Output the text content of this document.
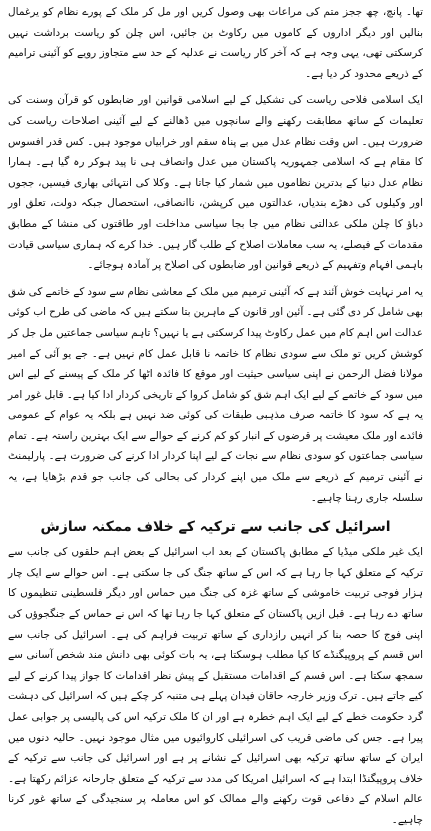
تھا۔ پانچ، چھ ججز متم کی مراعات بھی وصول کریں اور مل کر ملک کے پورے نظام کو یرغمال بنالیں اور دیگر اداروں کے کاموں میں رکاوٹ بن جائیں، اس چلن کو ریاست برداشت نہیں کرسکتی تھی، یہی وجہ ہے کہ آخر کار ریاست نے عدلیہ کے حد سے متجاوز رویے کو آئینی ترامیم کے ذریعے محدود کر دیا ہے۔

ایک اسلامی فلاحی ریاست کی تشکیل کے لیے اسلامی قوانین اور ضابطوں کو قرآن وسنت کی تعلیمات کے ساتھ مطابقت رکھنے والے سانچوں میں ڈھالنے کے لیے آئینی اصلاحات ریاست کی ضرورت ہیں۔ اس وقت نظام عدل میں بے پناہ سقم اور خرابیاں موجود ہیں۔ کس قدر افسوس کا مقام ہے کہ اسلامی جمہوریہ پاکستان میں عدل وانصاف ہی نا پید ہوکر رہ گیا ہے۔ ہمارا نظام عدل دنیا کے بدترین نظاموں میں شمار کیا جاتا ہے۔ وکلا کی انتہائی بھاری فیسیں، ججوں اور وکیلوں کی دھڑے بندیاں، عدالتوں میں کرپشن، ناانصافی، استحصال جبکہ دولت، تعلق اور دباؤ کا چلن ملکی عدالتی نظام میں جا بجا سیاسی مداخلت اور طاقتوں کی منشا کے مطابق مقدمات کے فیصلے، یہ سب معاملات اصلاح کے طلب گار ہیں۔ خدا کرے کہ ہماری سیاسی قیادت باہمی افہام وتفہیم کے ذریعے قوانین اور ضابطوں کی اصلاح پر آمادہ ہوجائے۔

یہ امر نہایت خوش آئند ہے کہ آئینی ترمیم میں ملک کے معاشی نظام سے سود کے خاتمے کی شق بھی شامل کر دی گئی ہے۔ آئین اور قانون کے ماہرین بتا سکتے ہیں کہ ماضی کی طرح اب کوئی عدالت اس اہم کام میں عمل رکاوٹ پیدا کرسکتی ہے یا نہیں؟ تاہم سیاسی جماعتیں مل جل کر کوشش کریں تو ملک سے سودی نظام کا خاتمہ نا قابل عمل کام نہیں ہے۔ جے یو آئی کے امیر مولانا فضل الرحمن نے اپنی سیاسی حیثیت اور موقع کا فائدہ اٹھا کر ملک کے پیسنے کے لیے اس میں سود کے خاتمے کے لیے ایک اہم شق کو شامل کروا کے تاریخی کردار ادا کیا ہے۔ قابل غور امر یہ ہے کہ سود کا خاتمہ صرف مذہبی طبقات کی کوئی ضد نہیں ہے بلکہ یہ عوام کے عمومی فائدے اور ملک معیشت پر قرضوں کے انبار کو کم کرنے کے حوالے سے ایک بہترین راستہ ہے۔ تمام سیاسی جماعتوں کو سودی نظام سے نجات کے لیے اپنا کردار ادا کرنے کی ضرورت ہے۔ پارلیمنٹ نے آئینی ترمیم کے ذریعے سے ملک میں اپنے کردار کی بحالی کی جانب جو قدم بڑھایا ہے، یہ سلسلہ جاری رہنا چاہیے۔

اسرائیل کی جانب سے ترکیہ کے خلاف ممکنہ سازش

ایک غیر ملکی میڈیا کے مطابق پاکستان کے بعد اب اسرائیل کے بعض اہم حلقوں کی جانب سے ترکیہ کے متعلق کہا جا رہا ہے کہ اس کے ساتھ جنگ کی جا سکتی ہے۔ اس حوالے سے ایک چار ہزار فوجی تربیت خاموشی کے ساتھ غزہ کی جنگ میں حماس اور دیگر فلسطینی تنظیموں کا ساتھ دے رہا ہے۔ قبل ازیں پاکستان کے متعلق کہا جا رہا تھا کہ اس نے حماس کے جنگجوؤں کی اپنی فوج کا حصہ بنا کر انہیں رازداری کے ساتھ تربیت فراہم کی ہے۔ اسرائیل کی جانب سے اس قسم کے پروپیگنڈے کا کیا مطلب ہوسکتا ہے، یہ بات کوئی بھی دانش مند شخص آسانی سے سمجھ سکتا ہے۔ اس قسم کے اقدامات مستقبل کے پیش نظر اقدامات کا جواز پیدا کرنے کے لیے کیے جاتے ہیں۔ ترک وزیر خارجہ حاقان فیدان پہلے ہی متنبہ کر چکے ہیں کہ اسرائیل کی دہشت گرد حکومت خطے کے لیے ایک اہم خطرہ ہے اور ان کا ملک ترکیہ اس کی پالیسی پر جوابی عمل پیرا ہے۔ جس کی ماضی قریب کی اسرائیلی کاروائیوں میں مثال موجود نہیں۔ حالیہ دنوں میں ایران کے ساتھ ساتھ ترکیہ بھی اسرائیل کے نشانے پر ہے اور اسرائیل کی جانب سے ترکیہ کے خلاف پروپیگنڈا ابتدا ہے کہ اسرائیل امریکا کی مدد سے ترکیہ کے متعلق جارحانہ عزائم رکھتا ہے۔ عالم اسلام کے دفاعی قوت رکھنے والے ممالک کو اس معاملہ پر سنجیدگی کے ساتھ غور کرنا چاہیے۔
